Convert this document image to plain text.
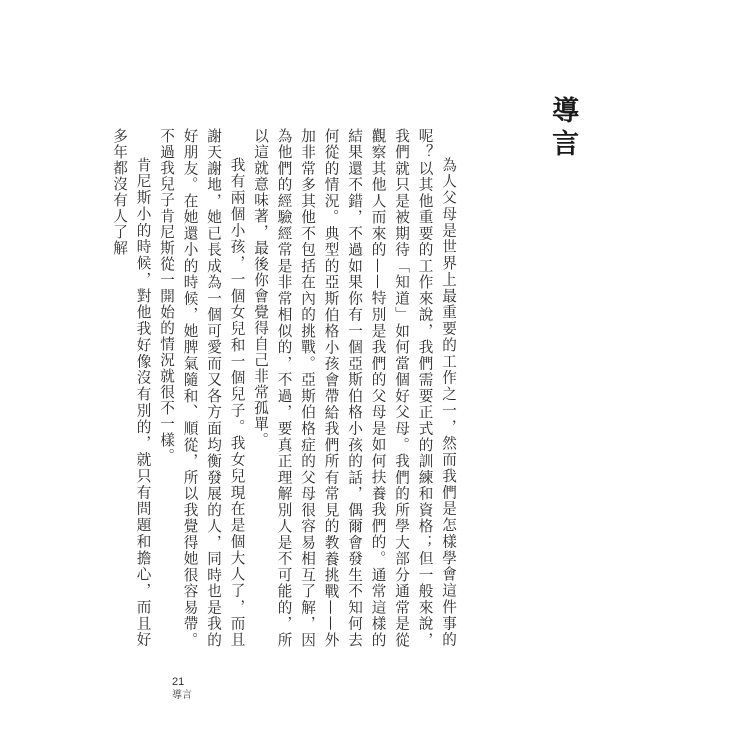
導言

為人父母是世界上最重要的工作之一，然而我們是怎樣學會這件事的呢？以其他重要的工作來說，我們需要正式的訓練和資格；但一般來說，我們就只是被期待「知道」如何當個好父母。我們的所學大部分通常是從觀察其他人而來的——特別是我們的父母是如何扶養我們的。通常這樣的結果還不錯，不過如果你有一個亞斯伯格小孩的話，偶爾會發生不知何去何從的情況。典型的亞斯伯格小孩會帶給我們所有常見的教養挑戰——外加非常多其他不包括在內的挑戰。亞斯伯格症的父母很容易相互了解，因為他們的經驗經常是非常相似的，不過，要真正理解別人是不可能的，所以這就意味著，最後你會覺得自己非常孤單。

我有兩個小孩，一個女兒和一個兒子。我女兒現在是個大人了，而且謝天謝地，她已長成為一個可愛而又各方面均衡發展的人，同時也是我的好朋友。在她還小的時候，她脾氣隨和、順從，所以我覺得她很容易帶。不過我兒子肯尼斯從一開始的情況就很不一樣。

肯尼斯小的時候，對他我好像沒有別的，就只有問題和擔心，而且好多年都沒有人了解

21
導言
